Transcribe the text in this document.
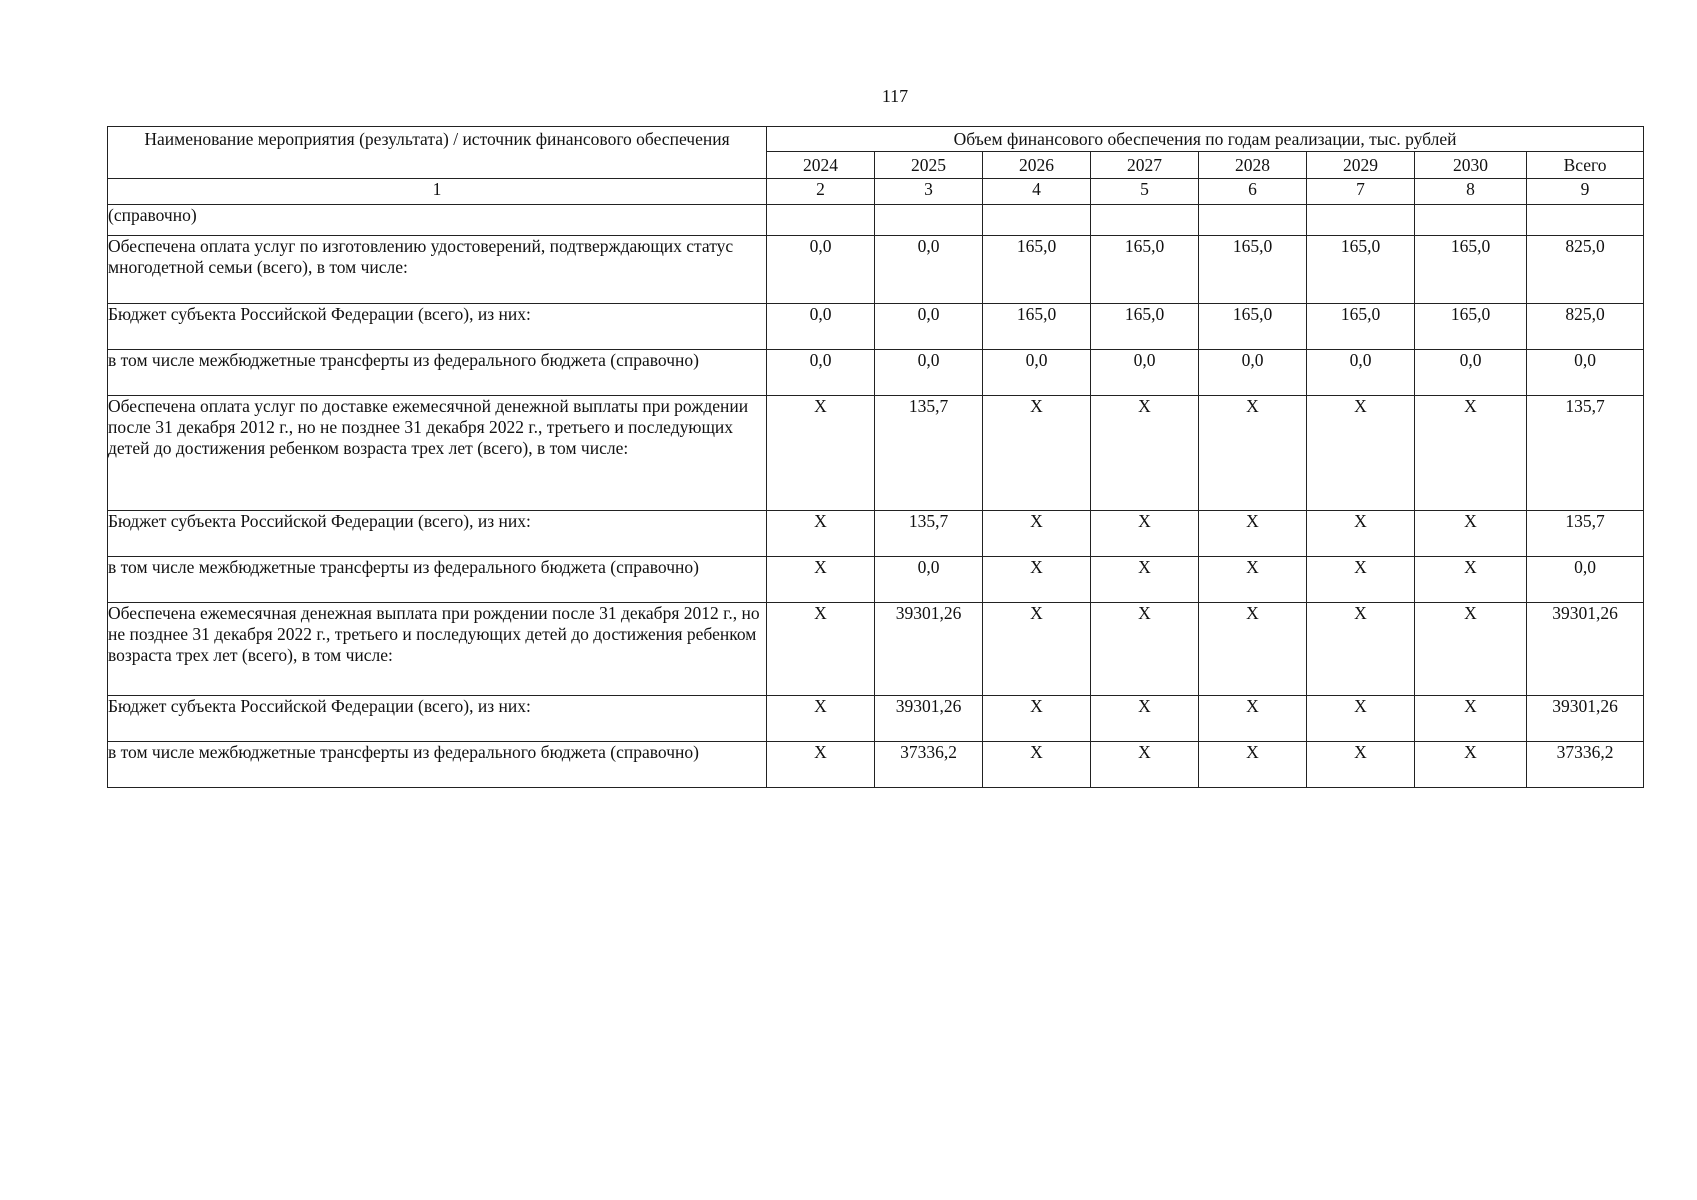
117
Наименование мероприятия (результата) / источник финансового обеспечения	Объем финансового обеспечения по годам реализации, тыс. рублей							
	2024	2025	2026	2027	2028	2029	2030	Всего
1	2	3	4	5	6	7	8	9
(справочно)								
Обеспечена оплата услуг по изготовлению удостоверений, подтверждающих статус многодетной семьи (всего), в том числе:	0,0	0,0	165,0	165,0	165,0	165,0	165,0	825,0
Бюджет субъекта Российской Федерации (всего), из них:	0,0	0,0	165,0	165,0	165,0	165,0	165,0	825,0
в том числе межбюджетные трансферты из федерального бюджета (справочно)	0,0	0,0	0,0	0,0	0,0	0,0	0,0	0,0
Обеспечена оплата услуг по доставке ежемесячной денежной выплаты при рождении после 31 декабря 2012 г., но не позднее 31 декабря 2022 г., третьего и последующих детей до достижения ребенком возраста трех лет (всего), в том числе:	X	135,7	X	X	X	X	X	135,7
Бюджет субъекта Российской Федерации (всего), из них:	X	135,7	X	X	X	X	X	135,7
в том числе межбюджетные трансферты из федерального бюджета (справочно)	X	0,0	X	X	X	X	X	0,0
Обеспечена ежемесячная денежная выплата при рождении после 31 декабря 2012 г., но не позднее 31 декабря 2022 г., третьего и последующих детей до достижения ребенком возраста трех лет (всего), в том числе:	X	39301,26	X	X	X	X	X	39301,26
Бюджет субъекта Российской Федерации (всего), из них:	X	39301,26	X	X	X	X	X	39301,26
в том числе межбюджетные трансферты из федерального бюджета (справочно)	X	37336,2	X	X	X	X	X	37336,2
